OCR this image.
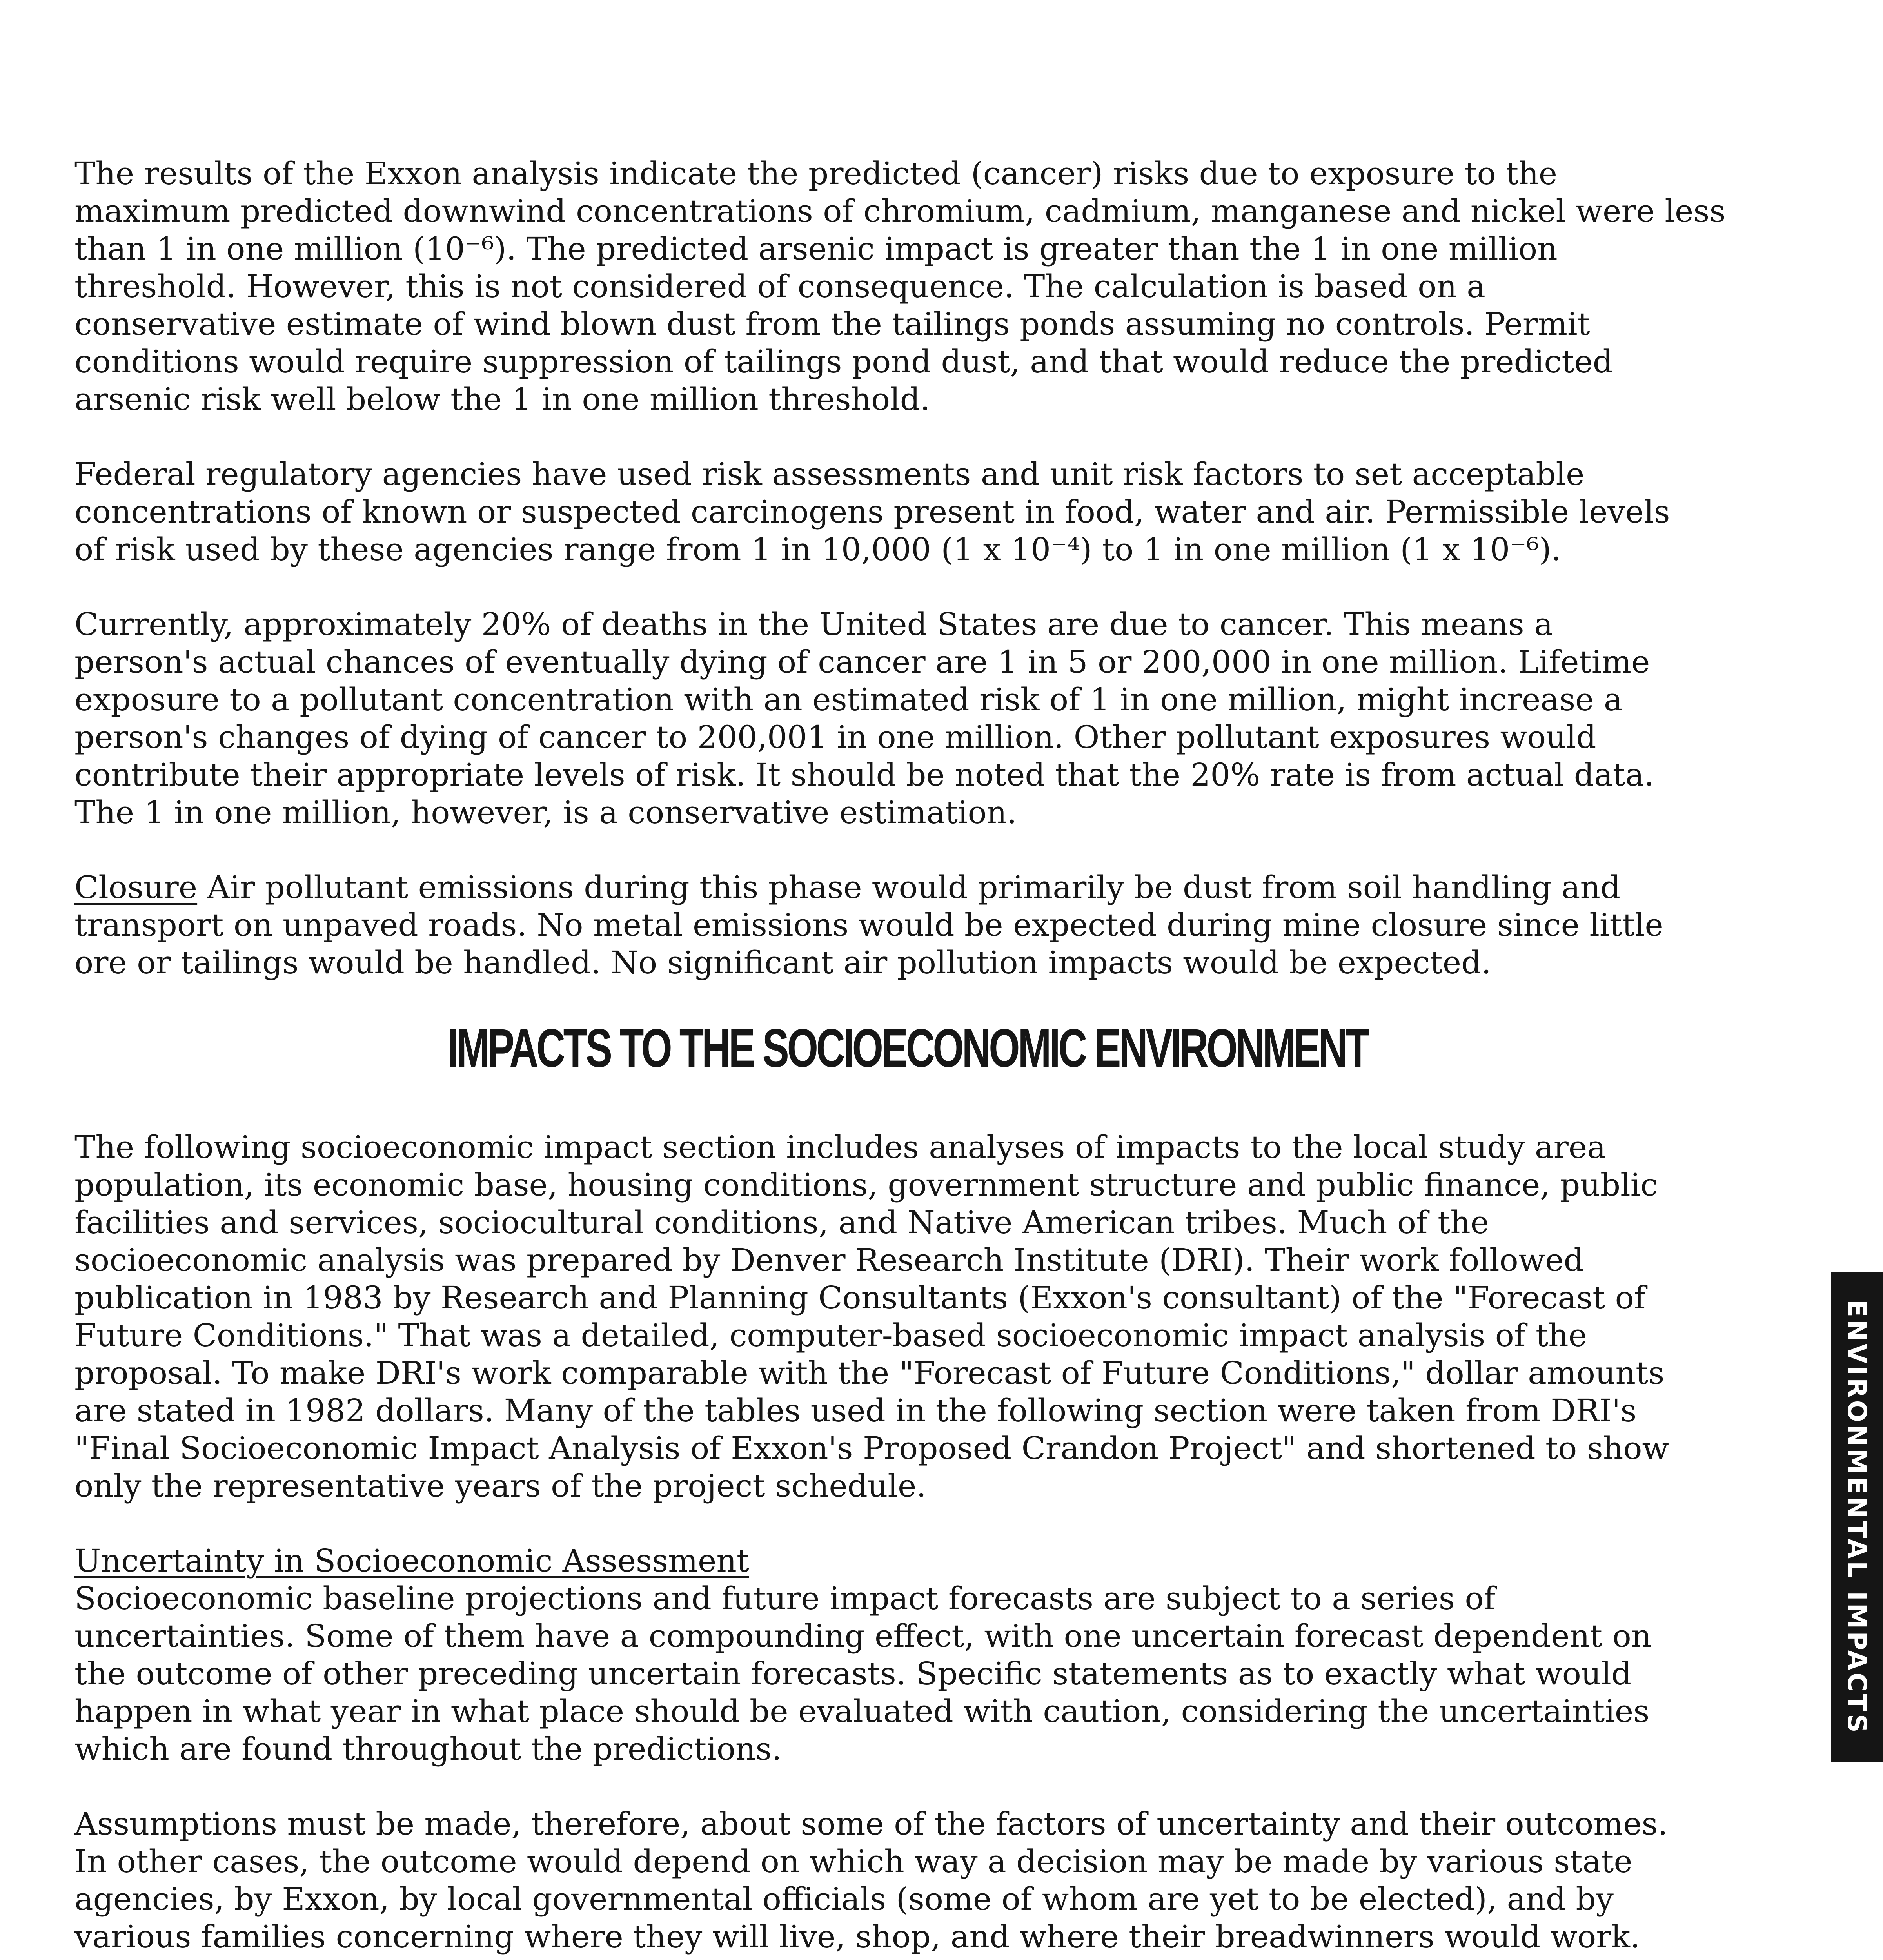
The results of the Exxon analysis indicate the predicted (cancer) risks due to exposure to the
maximum predicted downwind concentrations of chromium, cadmium, manganese and nickel were less
than 1 in one million (10⁻⁶). The predicted arsenic impact is greater than the 1 in one million
threshold. However, this is not considered of consequence. The calculation is based on a
conservative estimate of wind blown dust from the tailings ponds assuming no controls. Permit
conditions would require suppression of tailings pond dust, and that would reduce the predicted
arsenic risk well below the 1 in one million threshold.

Federal regulatory agencies have used risk assessments and unit risk factors to set acceptable
concentrations of known or suspected carcinogens present in food, water and air. Permissible levels
of risk used by these agencies range from 1 in 10,000 (1 x 10⁻⁴) to 1 in one million (1 x 10⁻⁶).

Currently, approximately 20% of deaths in the United States are due to cancer. This means a
person's actual chances of eventually dying of cancer are 1 in 5 or 200,000 in one million. Lifetime
exposure to a pollutant concentration with an estimated risk of 1 in one million, might increase a
person's changes of dying of cancer to 200,001 in one million. Other pollutant exposures would
contribute their appropriate levels of risk. It should be noted that the 20% rate is from actual data.
The 1 in one million, however, is a conservative estimation.

Closure Air pollutant emissions during this phase would primarily be dust from soil handling and
transport on unpaved roads. No metal emissions would be expected during mine closure since little
ore or tailings would be handled. No significant air pollution impacts would be expected.

IMPACTS TO THE SOCIOECONOMIC ENVIRONMENT

The following socioeconomic impact section includes analyses of impacts to the local study area
population, its economic base, housing conditions, government structure and public finance, public
facilities and services, sociocultural conditions, and Native American tribes. Much of the
socioeconomic analysis was prepared by Denver Research Institute (DRI). Their work followed
publication in 1983 by Research and Planning Consultants (Exxon's consultant) of the "Forecast of
Future Conditions." That was a detailed, computer-based socioeconomic impact analysis of the
proposal. To make DRI's work comparable with the "Forecast of Future Conditions," dollar amounts
are stated in 1982 dollars. Many of the tables used in the following section were taken from DRI's
"Final Socioeconomic Impact Analysis of Exxon's Proposed Crandon Project" and shortened to show
only the representative years of the project schedule.

Uncertainty in Socioeconomic Assessment
Socioeconomic baseline projections and future impact forecasts are subject to a series of
uncertainties. Some of them have a compounding effect, with one uncertain forecast dependent on
the outcome of other preceding uncertain forecasts. Specific statements as to exactly what would
happen in what year in what place should be evaluated with caution, considering the uncertainties
which are found throughout the predictions.

Assumptions must be made, therefore, about some of the factors of uncertainty and their outcomes.
In other cases, the outcome would depend on which way a decision may be made by various state
agencies, by Exxon, by local governmental officials (some of whom are yet to be elected), and by
various families concerning where they will live, shop, and where their breadwinners would work.

ENVIRONMENTAL IMPACTS
